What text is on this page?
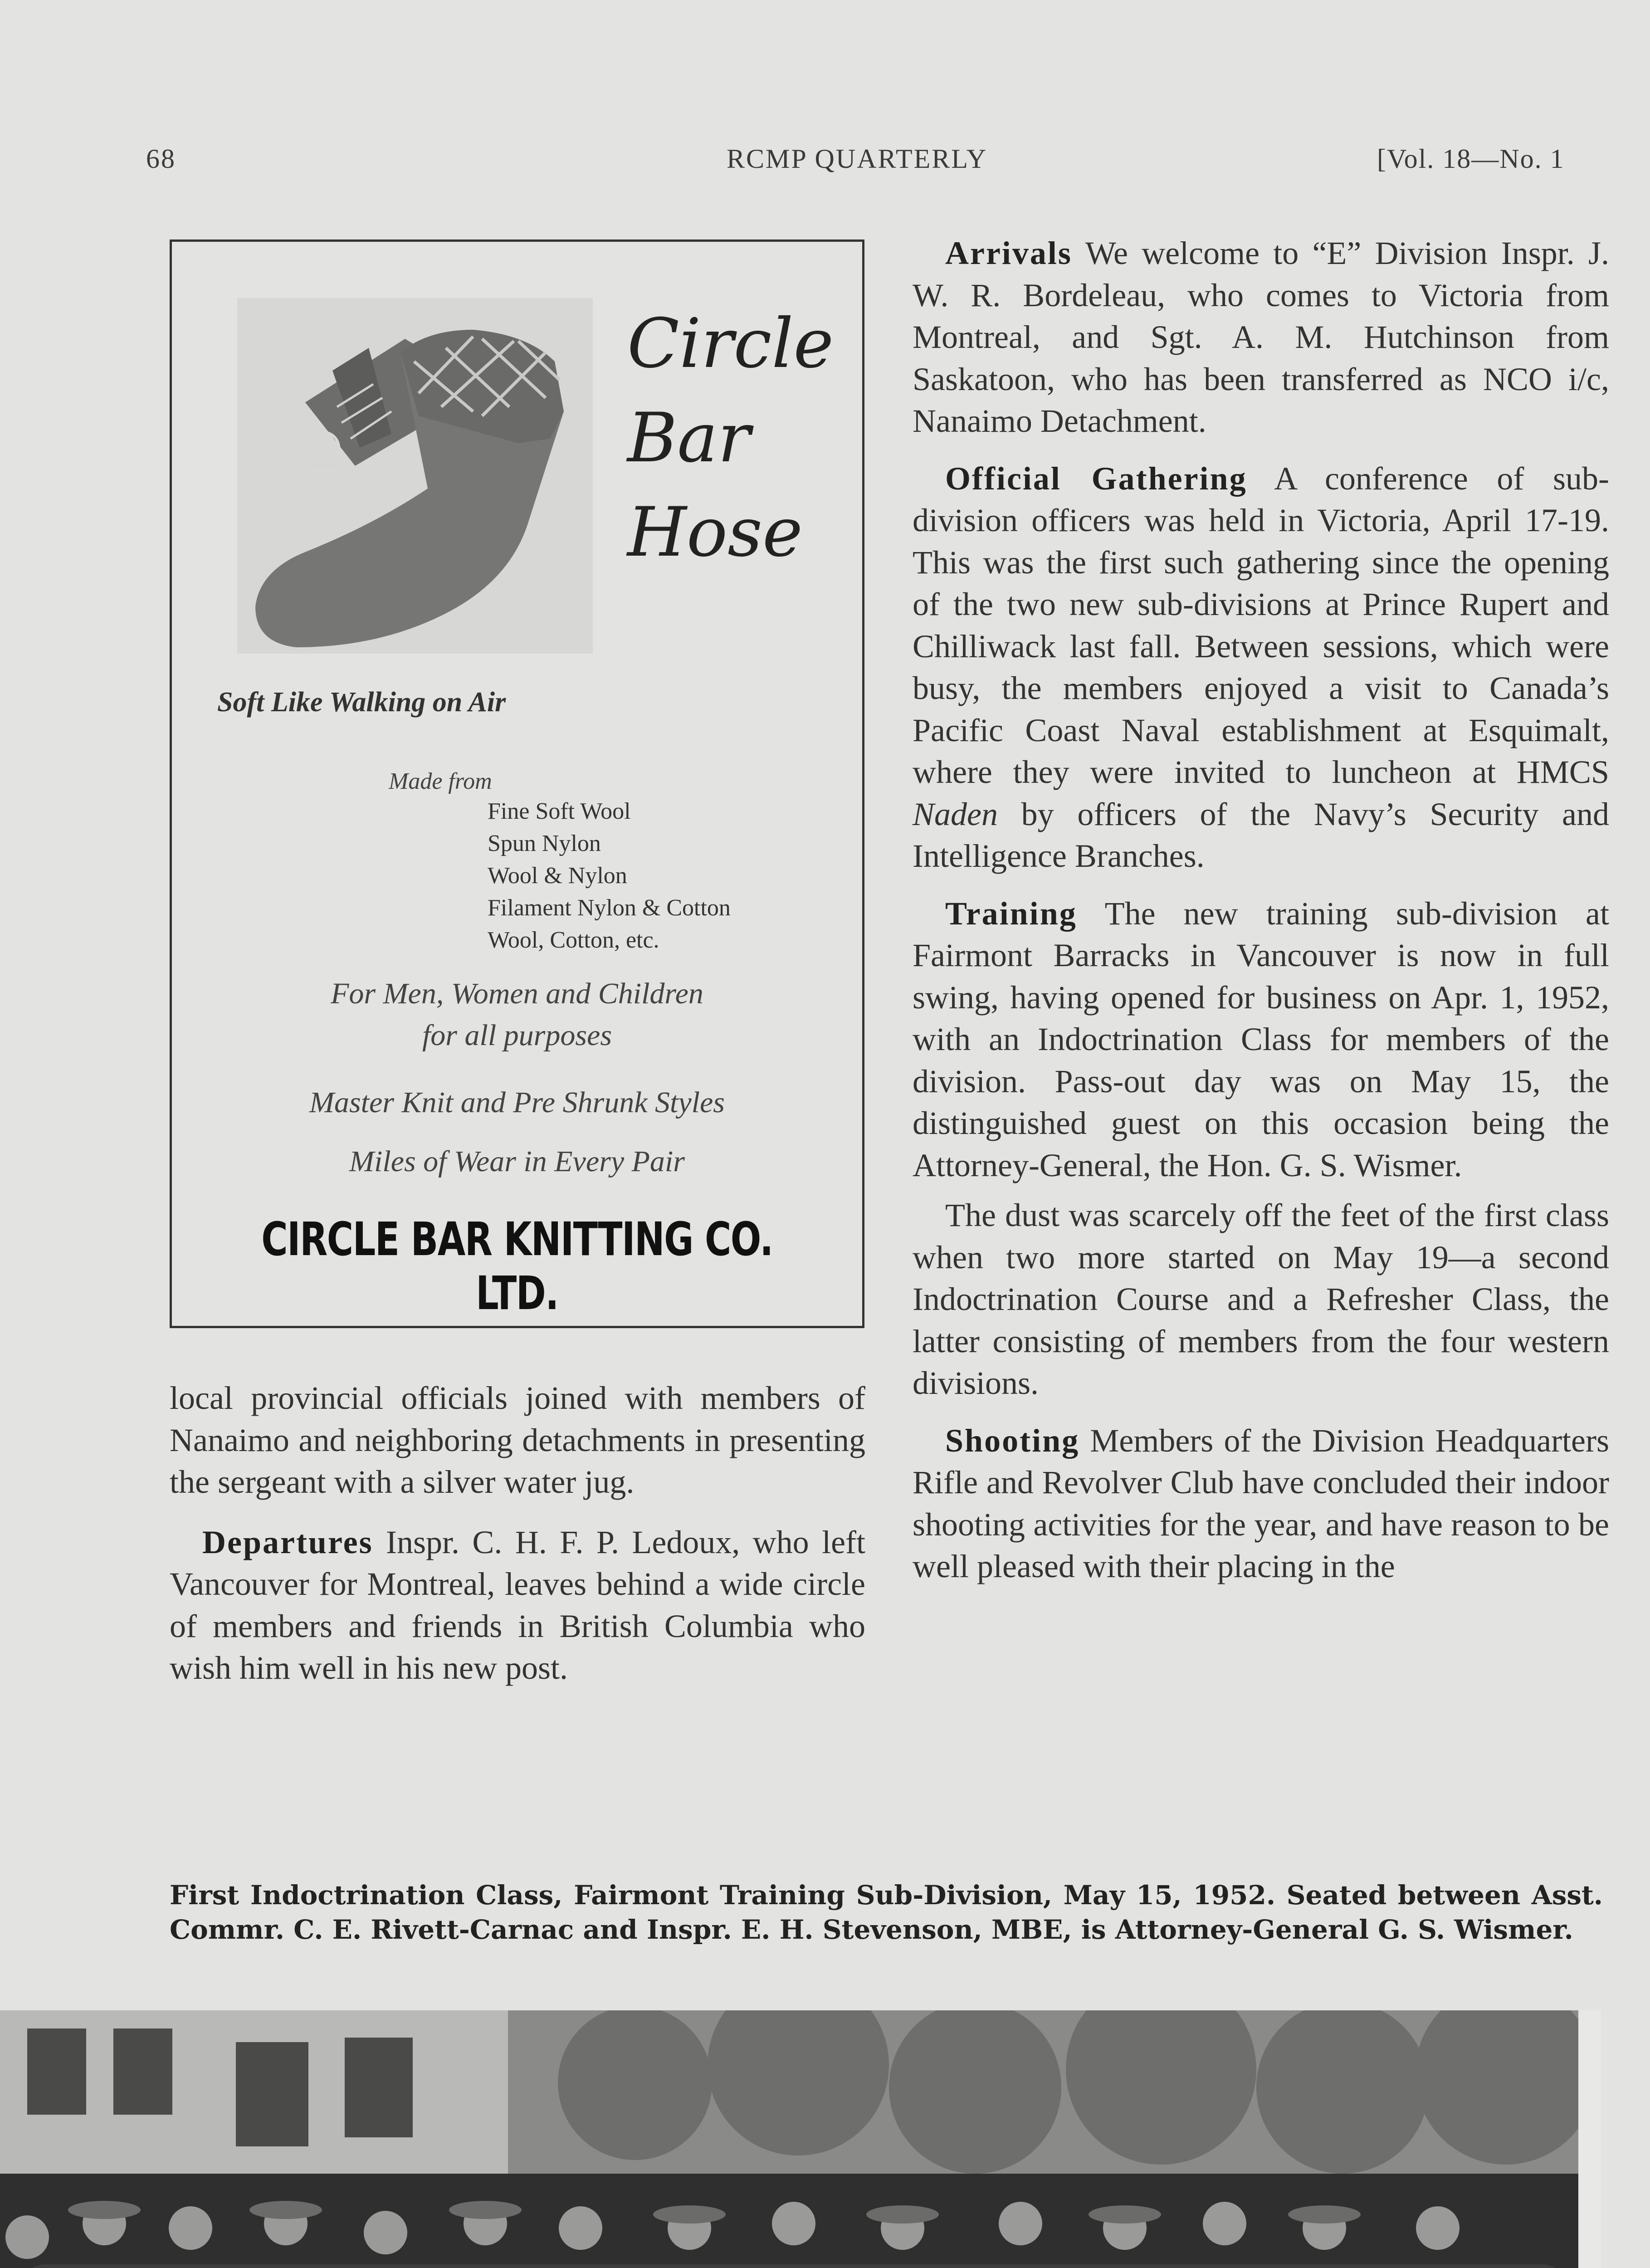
68	RCMP QUARTERLY	[Vol. 18—No. 1
Circle
Bar
Hose
Soft Like Walking on Air
Made from
Fine Soft Wool
Spun Nylon
Wool & Nylon
Filament Nylon & Cotton
Wool, Cotton, etc.
For Men, Women and Children
for all purposes
Master Knit and Pre Shrunk Styles
Miles of Wear in Every Pair
CIRCLE BAR KNITTING CO. LTD.

local provincial officials joined with members of Nanaimo and neighboring detachments in presenting the sergeant with a silver water jug.

Departures Inspr. C. H. F. P. Ledoux, who left Vancouver for Montreal, leaves behind a wide circle of members and friends in British Columbia who wish him well in his new post.

Arrivals We welcome to “E” Division Inspr. J. W. R. Bordeleau, who comes to Victoria from Montreal, and Sgt. A. M. Hutchinson from Saskatoon, who has been transferred as NCO i/c, Nanaimo Detachment.

Official Gathering A conference of sub-division officers was held in Victoria, April 17-19. This was the first such gathering since the opening of the two new sub-divisions at Prince Rupert and Chilliwack last fall. Between sessions, which were busy, the members enjoyed a visit to Canada’s Pacific Coast Naval establishment at Esquimalt, where they were invited to luncheon at HMCS Naden by officers of the Navy’s Security and Intelligence Branches.

Training The new training sub-division at Fairmont Barracks in Vancouver is now in full swing, having opened for business on Apr. 1, 1952, with an Indoctrination Class for members of the division. Pass-out day was on May 15, the distinguished guest on this occasion being the Attorney-General, the Hon. G. S. Wismer.

The dust was scarcely off the feet of the first class when two more started on May 19—a second Indoctrination Course and a Refresher Class, the latter consisting of members from the four western divisions.

Shooting Members of the Division Headquarters Rifle and Revolver Club have concluded their indoor shooting activities for the year, and have reason to be well pleased with their placing in the

First Indoctrination Class, Fairmont Training Sub-Division, May 15, 1952. Seated between Asst. Commr. C. E. Rivett-Carnac and Inspr. E. H. Stevenson, MBE, is Attorney-General G. S. Wismer.
